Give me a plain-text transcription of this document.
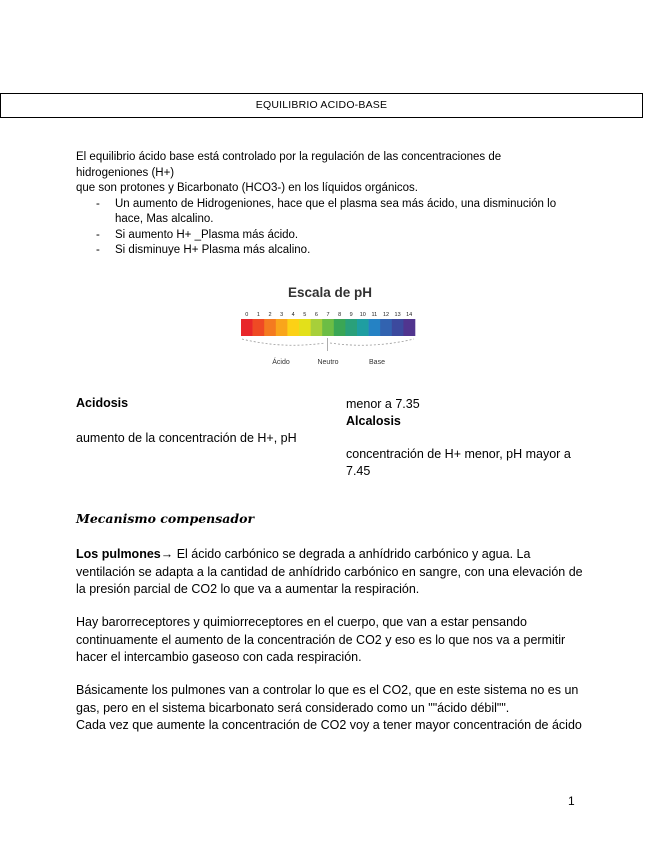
EQUILIBRIO ACIDO-BASE

El equilibrio ácido base está controlado por la regulación de las concentraciones de hidrogeniones (H+)

que son protones y Bicarbonato (HCO3-) en los líquidos orgánicos.

- Un aumento de Hidrogeniones, hace que el plasma sea más ácido, una disminución lo hace, Mas alcalino.
- Si aumento H+ _Plasma más ácido.
- Si disminuye H+ Plasma más alcalino.
Escala de pH
0 1 2 3 4 5 6 7 8 9 10 11 12 13 14
Ácido	Neutro	Base
Acidosis
aumento de la concentración de H+, pH

menor a 7.35

Alcalosis

concentración de H+ menor, pH mayor a 7.45

Mecanismo compensador

Los pulmones→ El ácido carbónico se degrada a anhídrido carbónico y agua. La ventilación se adapta a la cantidad de anhídrido carbónico en sangre, con una elevación de la presión parcial de CO2 lo que va a aumentar la respiración.

Hay barorreceptores y quimiorreceptores en el cuerpo, que van a estar pensando continuamente el aumento de la concentración de CO2 y eso es lo que nos va a permitir hacer el intercambio gaseoso con cada respiración.

Básicamente los pulmones van a controlar lo que es el CO2, que en este sistema no es un gas, pero en el sistema bicarbonato será considerado como un ""ácido débil"".
Cada vez que aumente la concentración de CO2 voy a tener mayor concentración de ácido
1
